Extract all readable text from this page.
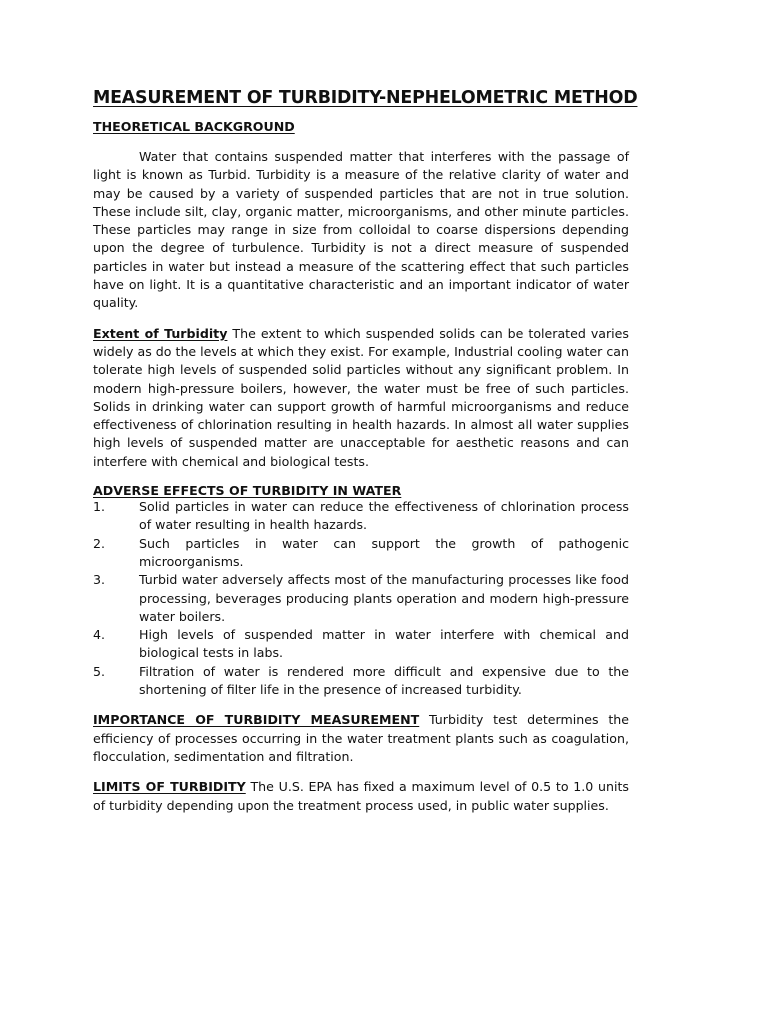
MEASUREMENT OF TURBIDITY-NEPHELOMETRIC METHOD
THEORETICAL BACKGROUND

Water that contains suspended matter that interferes with the passage of light is known as Turbid. Turbidity is a measure of the relative clarity of water and may be caused by a variety of suspended particles that are not in true solution. These include silt, clay, organic matter, microorganisms, and other minute particles. These particles may range in size from colloidal to coarse dispersions depending upon the degree of turbulence. Turbidity is not a direct measure of suspended particles in water but instead a measure of the scattering effect that such particles have on light. It is a quantitative characteristic and an important indicator of water quality.

Extent of Turbidity The extent to which suspended solids can be tolerated varies widely as do the levels at which they exist. For example, Industrial cooling water can tolerate high levels of suspended solid particles without any significant problem. In modern high-pressure boilers, however, the water must be free of such particles. Solids in drinking water can support growth of harmful microorganisms and reduce effectiveness of chlorination resulting in health hazards. In almost all water supplies high levels of suspended matter are unacceptable for aesthetic reasons and can interfere with chemical and biological tests.

ADVERSE EFFECTS OF TURBIDITY IN WATER
1.	Solid particles in water can reduce the effectiveness of chlorination process of water resulting in health hazards.
2.	Such particles in water can support the growth of pathogenic microorganisms.
3.	Turbid water adversely affects most of the manufacturing processes like food processing, beverages producing plants operation and modern high-pressure water boilers.
4.	High levels of suspended matter in water interfere with chemical and biological tests in labs.
5.	Filtration of water is rendered more difficult and expensive due to the shortening of filter life in the presence of increased turbidity.

IMPORTANCE OF TURBIDITY MEASUREMENT Turbidity test determines the efficiency of processes occurring in the water treatment plants such as coagulation, flocculation, sedimentation and filtration.

LIMITS OF TURBIDITY The U.S. EPA has fixed a maximum level of 0.5 to 1.0 units of turbidity depending upon the treatment process used, in public water supplies.
